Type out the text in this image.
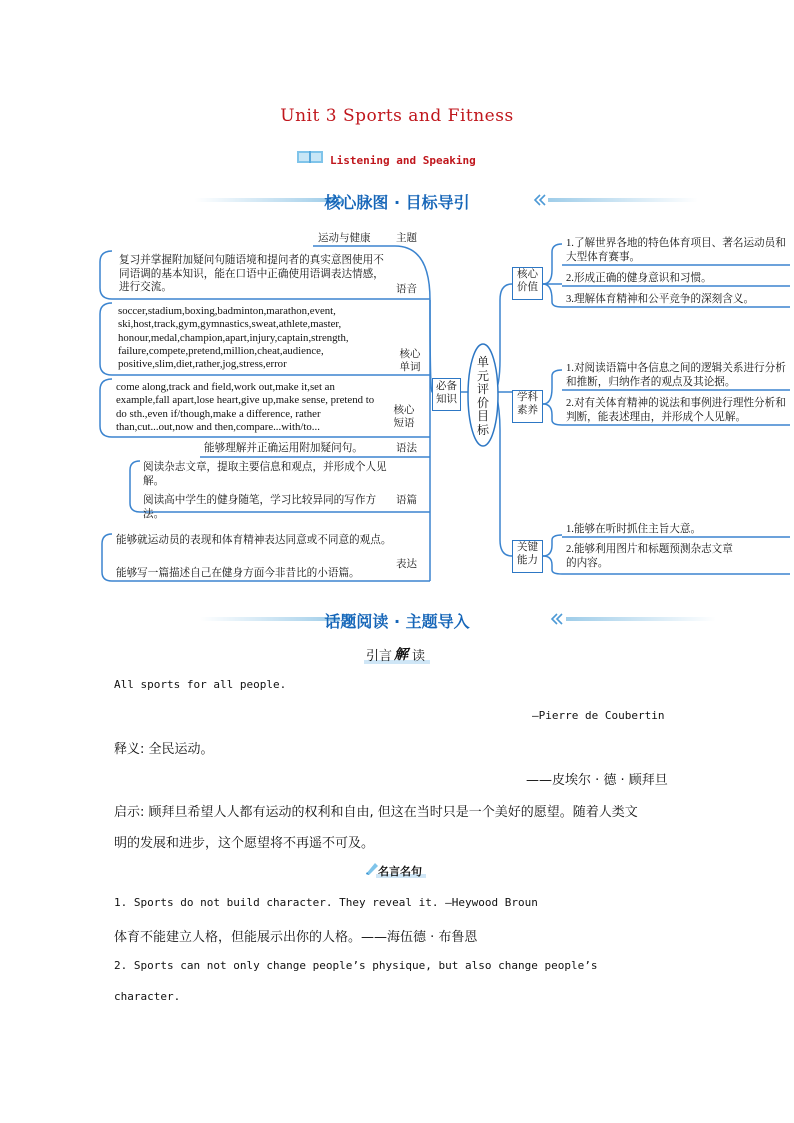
Unit 3 Sports and Fitness
Listening and Speaking
核心脉图 · 目标导引
运动与健康 主题
复习并掌握附加疑问句随语境和提问者的真实意图使用不同语调的基本知识，能在口语中正确使用语调表达情感，进行交流。	语音
soccer,stadium,boxing,badminton,marathon,event, ski,host,track,gym,gymnastics,sweat,athlete,master, honour,medal,champion,apart,injury,captain,strength, failure,compete,pretend,million,cheat,audience, positive,slim,diet,rather,jog,stress,error
核心单词
come along,track and field,work out,make it,set an example,fall apart,lose heart,give up,make sense, pretend to do sth.,even if/though,make a difference, rather than,cut...out,now and then,compare...with/to...
核心短语
能够理解并正确运用附加疑问句。	语法
阅读杂志文章，提取主要信息和观点，并形成个人见解。
阅读高中学生的健身随笔，学习比较异同的写作方法。
语篇
能够就运动员的表现和体育精神表达同意或不同意的观点。
能够写一篇描述自己在健身方面今非昔比的小语篇。
表达
必备知识
单元评价目标
核心价值
学科素养
关键能力
1.了解世界各地的特色体育项目、著名运动员和大型体育赛事。
2.形成正确的健身意识和习惯。
3.理解体育精神和公平竞争的深刻含义。
1.对阅读语篇中各信息之间的逻辑关系进行分析和推断，归纳作者的观点及其论据。
2.对有关体育精神的说法和事例进行理性分析和判断，能表述理由，并形成个人见解。
1.能够在听时抓住主旨大意。
2.能够利用图片和标题预测杂志文章的内容。
话题阅读 · 主题导入
引言 解 读
All sports for all people.
—Pierre de Coubertin
释义: 全民运动。
——皮埃尔 · 德 · 顾拜旦
启示: 顾拜旦希望人人都有运动的权利和自由, 但这在当时只是一个美好的愿望。随着人类文
明的发展和进步，这个愿望将不再遥不可及。
名言名句
1. Sports do not build character. They reveal it. —Heywood Broun
体育不能建立人格，但能展示出你的人格。——海伍德 · 布鲁恩
2. Sports can not only change people’s physique, but also change people’s
character.
